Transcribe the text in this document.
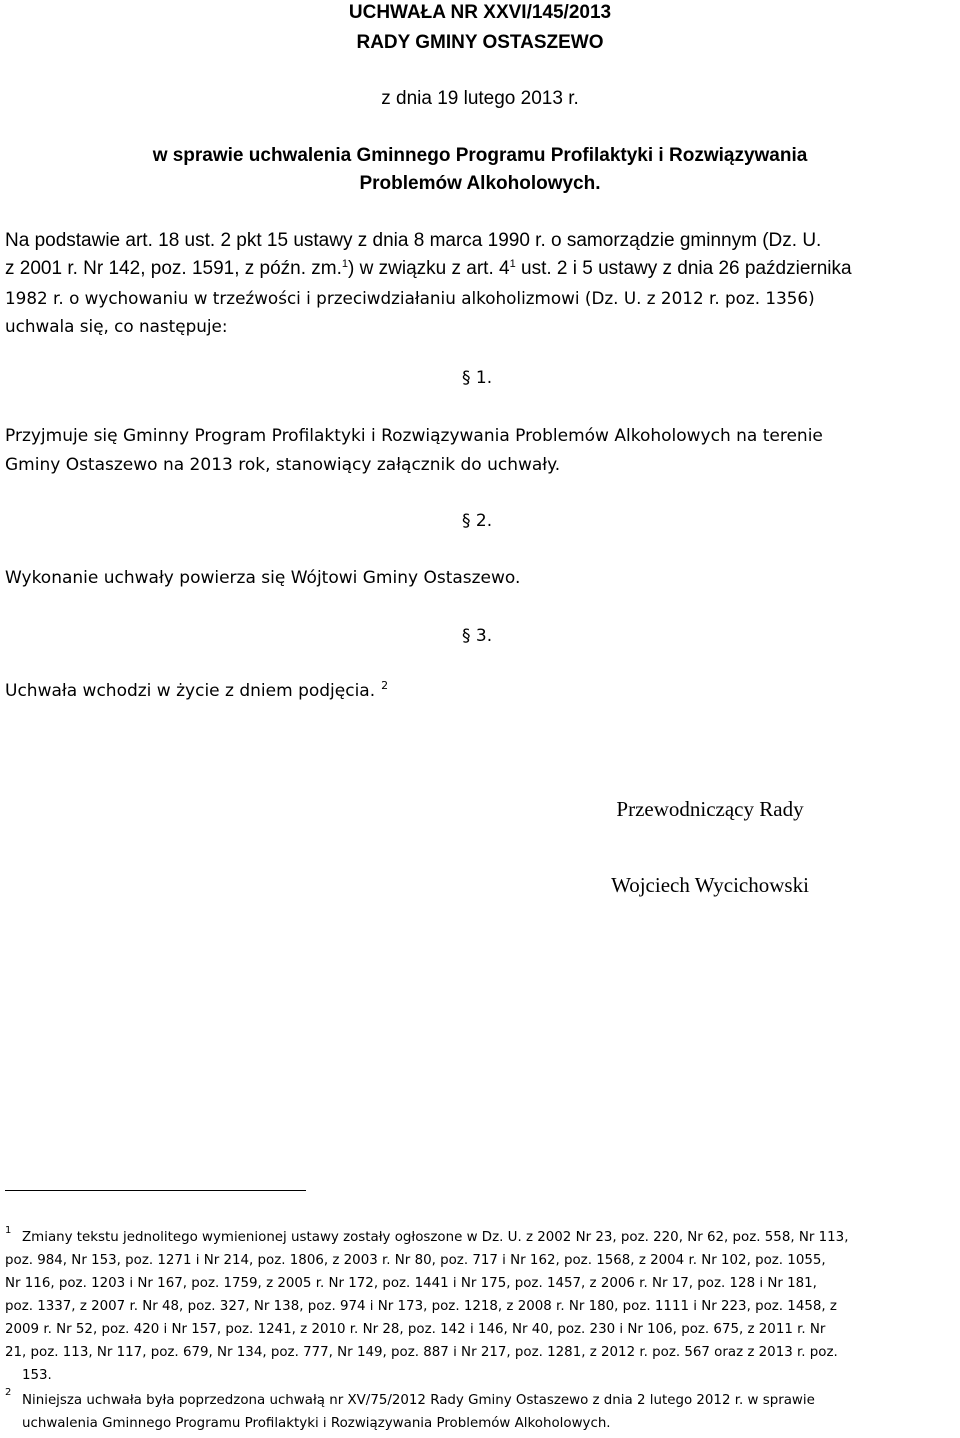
UCHWAŁA NR XXVI/145/2013

RADY GMINY OSTASZEWO

z dnia 19 lutego 2013 r.

w sprawie uchwalenia Gminnego Programu Profilaktyki i Rozwiązywania

Problemów Alkoholowych.

Na podstawie art. 18 ust. 2 pkt 15 ustawy z dnia 8 marca 1990 r. o samorządzie gminnym (Dz. U.

z 2001 r. Nr 142, poz. 1591, z późn. zm.$^1$) w związku z art. $4^1$ ust. 2 i 5 ustawy z dnia 26 października

1982 r. o wychowaniu w trzeźwości i przeciwdziałaniu alkoholizmowi (Dz. U. z 2012 r. poz. 1356)

uchwala się, co następuje:

§ 1.

Przyjmuje się Gminny Program Profilaktyki i Rozwiązywania Problemów Alkoholowych na terenie

Gminy Ostaszewo na 2013 rok, stanowiący załącznik do uchwały.

§ 2.

Wykonanie uchwały powierza się Wójtowi Gminy Ostaszewo.

§ 3.

Uchwała wchodzi w życie z dniem podjęcia. $^2$

Przewodniczący Rady

Wojciech Wycichowski

1 Zmiany tekstu jednolitego wymienionej ustawy zostały ogłoszone w Dz. U. z 2002 Nr 23, poz. 220, Nr 62, poz. 558, Nr 113,

poz. 984, Nr 153, poz. 1271 i Nr 214, poz. 1806, z 2003 r. Nr 80, poz. 717 i Nr 162, poz. 1568, z 2004 r. Nr 102, poz. 1055,

Nr 116, poz. 1203 i Nr 167, poz. 1759, z 2005 r. Nr 172, poz. 1441 i Nr 175, poz. 1457, z 2006 r. Nr 17, poz. 128 i Nr 181,

poz. 1337, z 2007 r. Nr 48, poz. 327, Nr 138, poz. 974 i Nr 173, poz. 1218, z 2008 r. Nr 180, poz. 1111 i Nr 223, poz. 1458, z

2009 r. Nr 52, poz. 420 i Nr 157, poz. 1241, z 2010 r. Nr 28, poz. 142 i 146, Nr 40, poz. 230 i Nr 106, poz. 675, z 2011 r. Nr

21, poz. 113, Nr 117, poz. 679, Nr 134, poz. 777, Nr 149, poz. 887 i Nr 217, poz. 1281, z 2012 r. poz. 567 oraz z 2013 r. poz.

153.

2

Niniejsza uchwała była poprzedzona uchwałą nr XV/75/2012 Rady Gminy Ostaszewo z dnia 2 lutego 2012 r. w sprawie

uchwalenia Gminnego Programu Profilaktyki i Rozwiązywania Problemów Alkoholowych.
